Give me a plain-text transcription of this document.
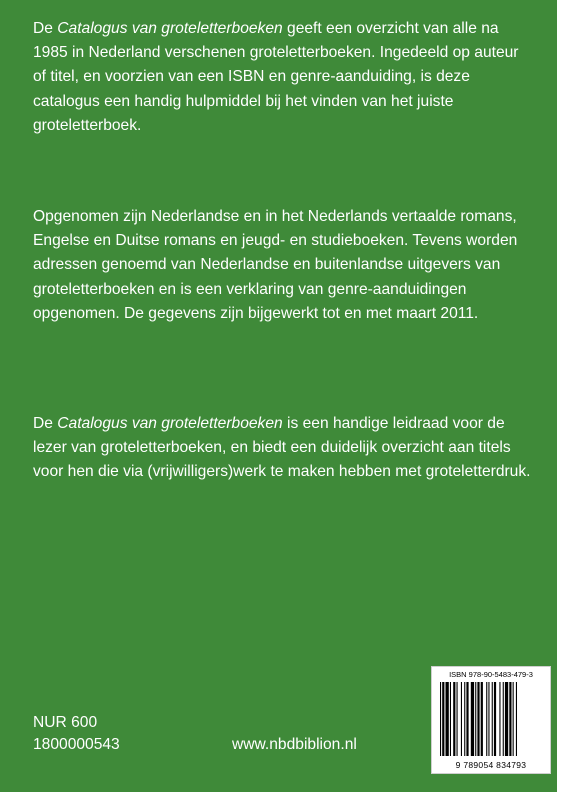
De Catalogus van groteletterboeken geeft een overzicht van alle na 1985 in Nederland verschenen groteletterboeken. Ingedeeld op auteur of titel, en voorzien van een ISBN en genre-aanduiding, is deze catalogus een handig hulpmiddel bij het vinden van het juiste groteletterboek.

Opgenomen zijn Nederlandse en in het Nederlands vertaalde romans, Engelse en Duitse romans en jeugd- en studieboeken. Tevens worden adressen genoemd van Nederlandse en buitenlandse uitgevers van groteletterboeken en is een verklaring van genre-aanduidingen opgenomen. De gegevens zijn bijgewerkt tot en met maart 2011.

De Catalogus van groteletterboeken is een handige leidraad voor de lezer van groteletterboeken, en biedt een duidelijk overzicht aan titels voor hen die via (vrijwilligers)werk te maken hebben met groteletterdruk.

NUR 600
1800000543	www.nbdbiblion.nl
ISBN 978-90-5483-479-3
9 789054 834793
